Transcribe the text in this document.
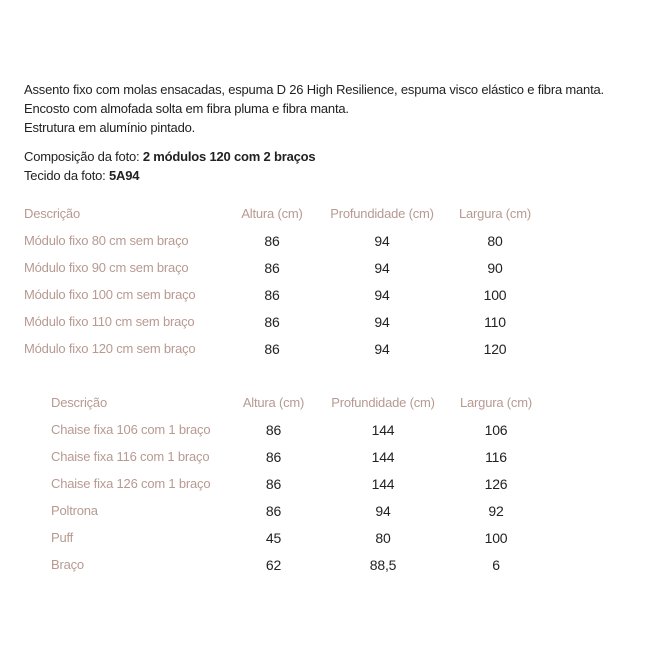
Assento fixo com molas ensacadas, espuma D 26 High Resilience, espuma visco elástico e fibra manta.

Encosto com almofada solta em fibra pluma e fibra manta.

Estrutura em alumínio pintado.

Composição da foto: 2 módulos 120 com 2 braços

Tecido da foto: 5A94

Descrição	Altura (cm)	Profundidade (cm)	Largura (cm)
Módulo fixo 80 cm sem braço	86	94	80
Módulo fixo 90 cm sem braço	86	94	90
Módulo fixo 100 cm sem braço	86	94	100
Módulo fixo 110 cm sem braço	86	94	110
Módulo fixo 120 cm sem braço	86	94	120
Descrição	Altura (cm)	Profundidade (cm)	Largura (cm)
Chaise fixa 106 com 1 braço	86	144	106
Chaise fixa 116 com 1 braço	86	144	116
Chaise fixa 126 com 1 braço	86	144	126
Poltrona	86	94	92
Puff	45	80	100
Braço	62	88,5	6
